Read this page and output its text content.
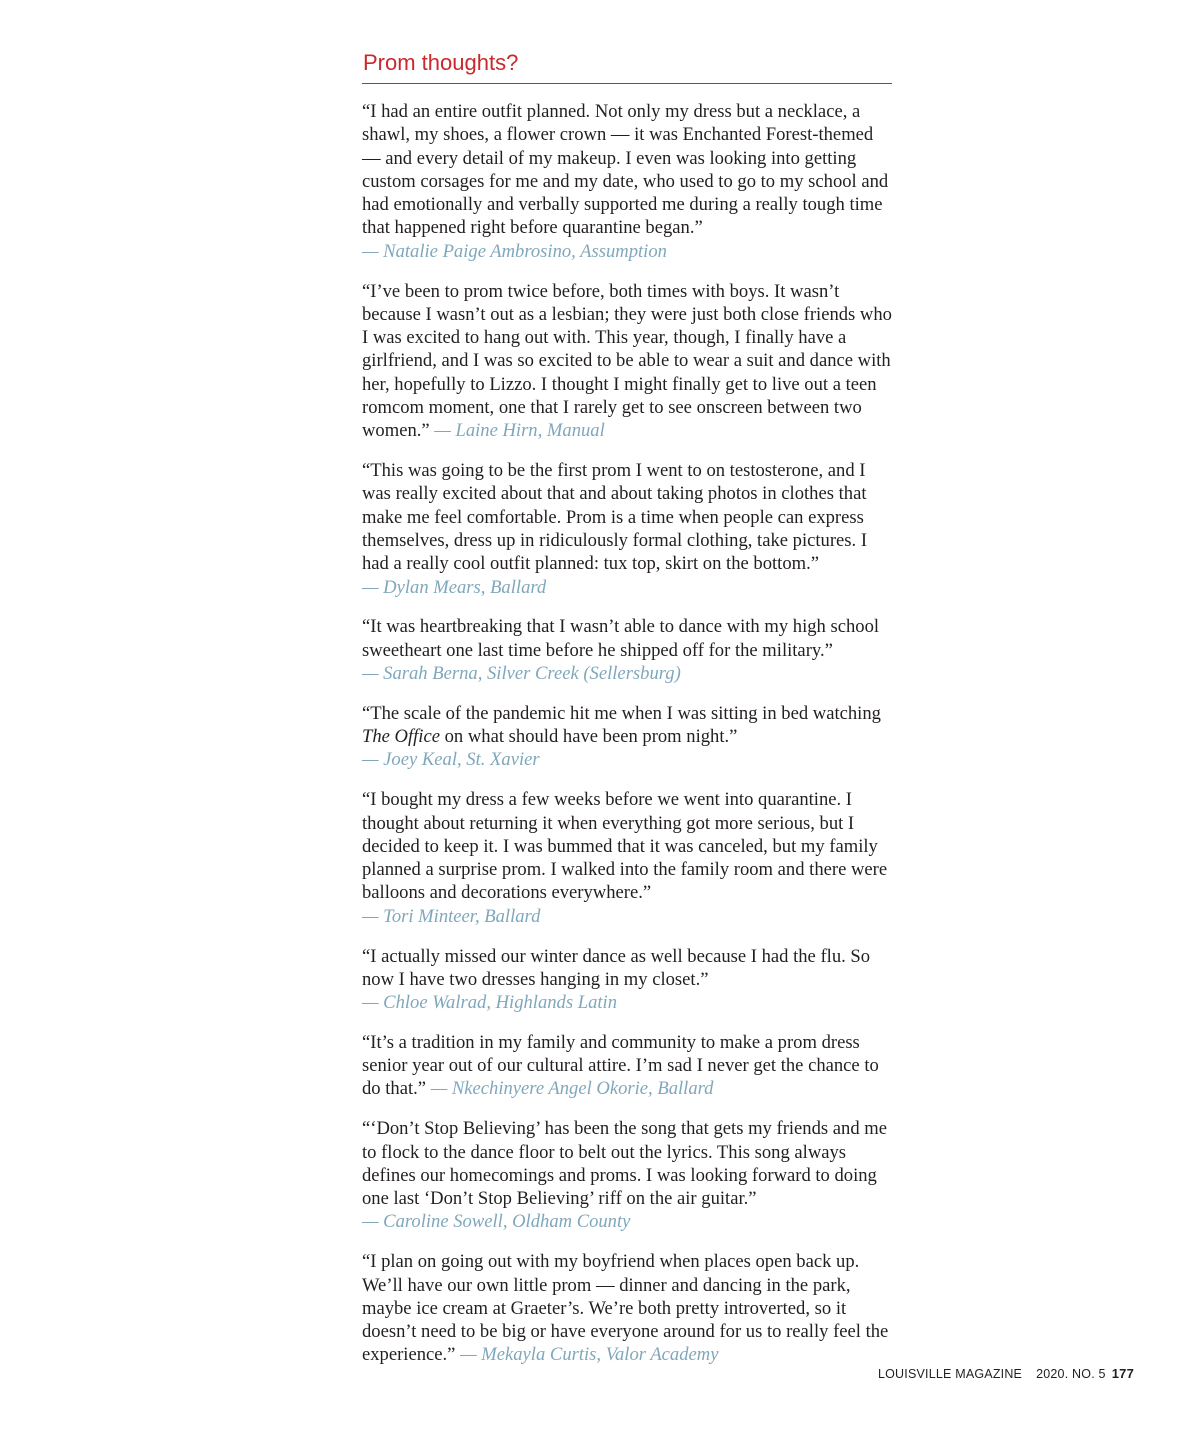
Prom thoughts?

“I had an entire outfit planned. Not only my dress but a necklace, a shawl, my shoes, a flower crown — it was Enchanted Forest-themed — and every detail of my makeup. I even was looking into getting custom corsages for me and my date, who used to go to my school and had emotionally and verbally supported me during a really tough time that happened right before quarantine began.”
— Natalie Paige Ambrosino, Assumption

“I’ve been to prom twice before, both times with boys. It wasn’t because I wasn’t out as a lesbian; they were just both close friends who I was excited to hang out with. This year, though, I finally have a girlfriend, and I was so excited to be able to wear a suit and dance with her, hopefully to Lizzo. I thought I might finally get to live out a teen romcom moment, one that I rarely get to see onscreen between two women.” — Laine Hirn, Manual

“This was going to be the first prom I went to on testosterone, and I was really excited about that and about taking photos in clothes that make me feel comfortable. Prom is a time when people can express themselves, dress up in ridiculously formal clothing, take pictures. I had a really cool outfit planned: tux top, skirt on the bottom.”
— Dylan Mears, Ballard

“It was heartbreaking that I wasn’t able to dance with my high school sweetheart one last time before he shipped off for the military.”
— Sarah Berna, Silver Creek (Sellersburg)

“The scale of the pandemic hit me when I was sitting in bed watching The Office on what should have been prom night.”
— Joey Keal, St. Xavier

“I bought my dress a few weeks before we went into quarantine. I thought about returning it when everything got more serious, but I decided to keep it. I was bummed that it was canceled, but my family planned a surprise prom. I walked into the family room and there were balloons and decorations everywhere.”
— Tori Minteer, Ballard

“I actually missed our winter dance as well because I had the flu. So now I have two dresses hanging in my closet.”
— Chloe Walrad, Highlands Latin

“It’s a tradition in my family and community to make a prom dress senior year out of our cultural attire. I’m sad I never get the chance to do that.” — Nkechinyere Angel Okorie, Ballard

“‘Don’t Stop Believing’ has been the song that gets my friends and me to flock to the dance floor to belt out the lyrics. This song always defines our homecomings and proms. I was looking forward to doing one last ‘Don’t Stop Believing’ riff on the air guitar.”
— Caroline Sowell, Oldham County

“I plan on going out with my boyfriend when places open back up. We’ll have our own little prom — dinner and dancing in the park, maybe ice cream at Graeter’s. We’re both pretty introverted, so it doesn’t need to be big or have everyone around for us to really feel the experience.” — Mekayla Curtis, Valor Academy

LOUISVILLE MAGAZINE 2020. NO. 5 177
